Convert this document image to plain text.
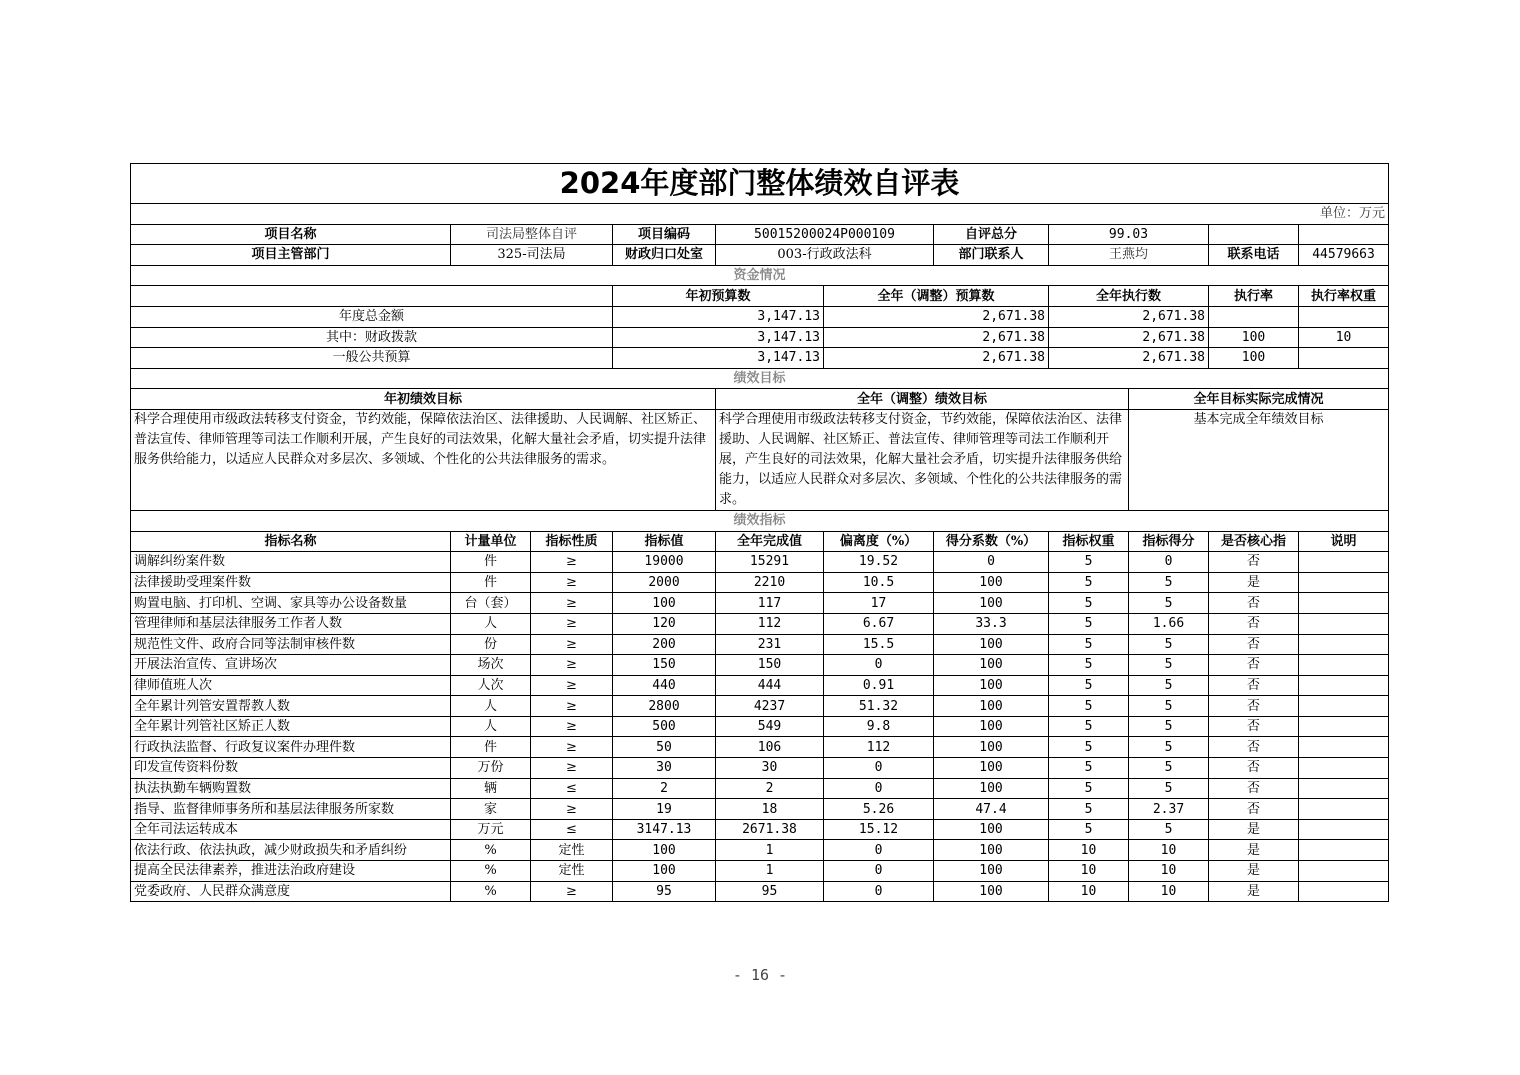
2024年度部门整体绩效自评表											
单位：万元											
项目名称	司法局整体自评		项目编码	50015200024P000109		自评总分	99.03				
项目主管部门	325-司法局		财政归口处室	003-行政政法科		部门联系人	王燕均		联系电话	44579663	
资金情况											
			年初预算数		全年（调整）预算数		全年执行数		执行率	执行率权重	
年度总金额			3,147.13		2,671.38		2,671.38				
其中：财政拨款			3,147.13		2,671.38		2,671.38		100	10	
一般公共预算			3,147.13		2,671.38		2,671.38		100		
绩效目标											
年初绩效目标				全年（调整）绩效目标				全年目标实际完成情况			
科学合理使用市级政法转移支付资金，节约效能，保障依法治区、法律援助、人民调解、社区矫正、普法宣传、律师管理等司法工作顺利开展，产生良好的司法效果，化解大量社会矛盾，切实提升法律服务供给能力，以适应人民群众对多层次、多领域、个性化的公共法律服务的需求。				科学合理使用市级政法转移支付资金，节约效能，保障依法治区、法律援助、人民调解、社区矫正、普法宣传、律师管理等司法工作顺利开展，产生良好的司法效果，化解大量社会矛盾，切实提升法律服务供给能力，以适应人民群众对多层次、多领域、个性化的公共法律服务的需求。				基本完成全年绩效目标			
绩效指标											
指标名称	计量单位	指标性质	指标值	全年完成值	偏离度（%）	得分系数（%）	指标权重	指标得分	是否核心指	说明	
调解纠纷案件数	件	≥	19000	15291	19.52	0	5	0	否		
法律援助受理案件数	件	≥	2000	2210	10.5	100	5	5	是		
购置电脑、打印机、空调、家具等办公设备数量	台（套）	≥	100	117	17	100	5	5	否		
管理律师和基层法律服务工作者人数	人	≥	120	112	6.67	33.3	5	1.66	否		
规范性文件、政府合同等法制审核件数	份	≥	200	231	15.5	100	5	5	否		
开展法治宣传、宣讲场次	场次	≥	150	150	0	100	5	5	否		
律师值班人次	人次	≥	440	444	0.91	100	5	5	否		
全年累计列管安置帮教人数	人	≥	2800	4237	51.32	100	5	5	否		
全年累计列管社区矫正人数	人	≥	500	549	9.8	100	5	5	否		
行政执法监督、行政复议案件办理件数	件	≥	50	106	112	100	5	5	否		
印发宣传资料份数	万份	≥	30	30	0	100	5	5	否		
执法执勤车辆购置数	辆	≤	2	2	0	100	5	5	否		
指导、监督律师事务所和基层法律服务所家数	家	≥	19	18	5.26	47.4	5	2.37	否		
全年司法运转成本	万元	≤	3147.13	2671.38	15.12	100	5	5	是		
依法行政、依法执政，减少财政损失和矛盾纠纷	%	定性	100	1	0	100	10	10	是		
提高全民法律素养，推进法治政府建设	%	定性	100	1	0	100	10	10	是		
党委政府、人民群众满意度	%	≥	95	95	0	100	10	10	是		
- 16 -
